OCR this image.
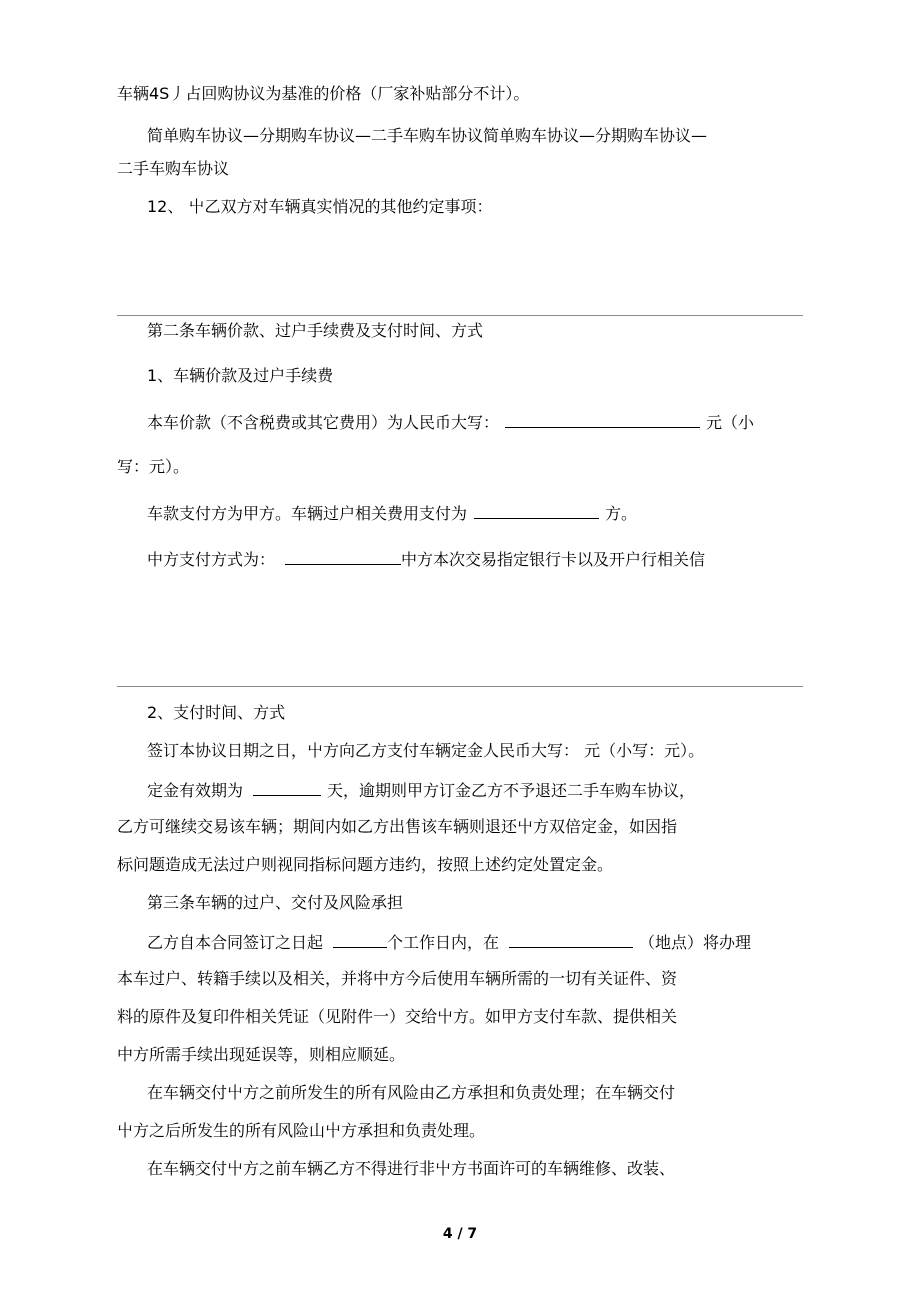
车辆4S丿占回购协议为基准的价格（厂家补贴部分不计）。
简单购车协议—分期购车协议—二手车购车协议简单购车协议—分期购车协议—
二手车购车协议
12、 屮乙双方对车辆真实悄况的其他约定事项：
第二条车辆价款、过户手续费及支付时间、方式
1、车辆价款及过户手续费
本车价款（不含税费或其它费用）为人民币大写：	元（小
写：元）。
车款支付方为甲方。车辆过户相关费用支付为	方。
中方支付方式为：	中方本次交易指定银行卡以及开户行相关信
2、支付时间、方式
签订本协议日期之日，屮方向乙方支付车辆定金人民币大写： 元（小写：元）。
定金有效期为	天，逾期则甲方订金乙方不予退还二手车购车协议，
乙方可继续交易该车辆；期间内如乙方出售该车辆则退还屮方双倍定金，如因指
标问题造成无法过户则视同指标问题方违约，按照上述约定处置定金。
第三条车辆的过户、交付及风险承担
乙方自本合同签订之日起	个工作日内，在	（地点）将办理
本车过户、转籍手续以及相关，并将中方今后使用车辆所需的一切有关证件、资
料的原件及复印件相关凭证（见附件一）交给屮方。如甲方支付车款、提供相关
中方所需手续出现延误等，则相应顺延。
在车辆交付屮方之前所发生的所有风险由乙方承担和负责处理；在车辆交付
屮方之后所发生的所有风险山屮方承担和负责处理。
在车辆交付屮方之前车辆乙方不得进行非屮方书面许可的车辆维修、改装、
4 / 7
